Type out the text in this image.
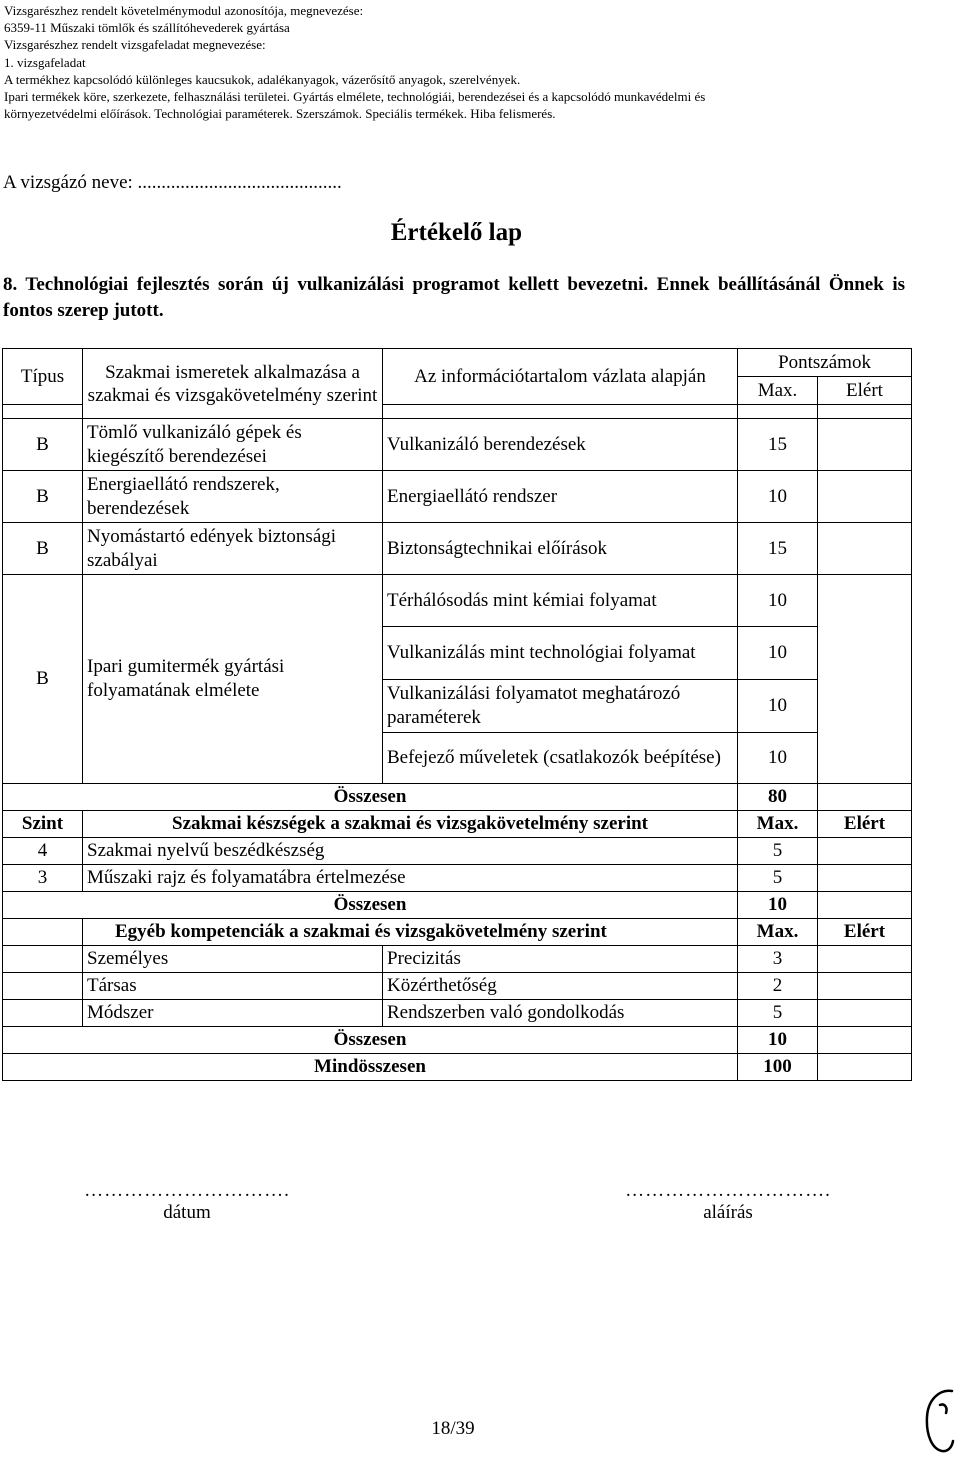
Vizsgarészhez rendelt követelménymodul azonosítója, megnevezése:
6359-11 Műszaki tömlők és szállítóhevederek gyártása
Vizsgarészhez rendelt vizsgafeladat megnevezése:
1. vizsgafeladat
A termékhez kapcsolódó különleges kaucsukok, adalékanyagok, vázerősítő anyagok, szerelvények.
Ipari termékek köre, szerkezete, felhasználási területei. Gyártás elmélete, technológiái, berendezései és a kapcsolódó munkavédelmi és
környezetvédelmi előírások. Technológiai paraméterek. Szerszámok. Speciális termékek. Hiba felismerés.
A vizsgázó neve: ...........................................
Értékelő lap
8. Technológiai fejlesztés során új vulkanizálási programot kellett bevezetni. Ennek beállításánál Önnek is fontos szerep jutott.
Típus	Szakmai ismeretek alkalmazása a szakmai és vizsgakövetelmény szerint	Az információtartalom vázlata alapján	Pontszámok	
			Max.	Elért

B	Tömlő vulkanizáló gépek és kiegészítő berendezései	Vulkanizáló berendezések	15	
B	Energiaellátó rendszerek, berendezések	Energiaellátó rendszer	10	
B	Nyomástartó edények biztonsági szabályai	Biztonságtechnikai előírások	15	
B	Ipari gumitermék gyártási folyamatának elmélete	Térhálósodás mint kémiai folyamat	10	
		Vulkanizálás mint technológiai folyamat	10	
		Vulkanizálási folyamatot meghatározó paraméterek	10	
		Befejező műveletek (csatlakozók beépítése)	10	
Összesen			80	
Szint	Szakmai készségek a szakmai és vizsgakövetelmény szerint		Max.	Elért
4	Szakmai nyelvű beszédkészség		5	
3	Műszaki rajz és folyamatábra értelmezése		5	
Összesen			10	
	Egyéb kompetenciák a szakmai és vizsgakövetelmény szerint		Max.	Elért
	Személyes	Precizitás	3	
	Társas	Közérthetőség	2	
	Módszer	Rendszerben való gondolkodás	5	
Összesen			10	
Mindösszesen			100	
………………………….
dátum
………………………….
aláírás
18/39
